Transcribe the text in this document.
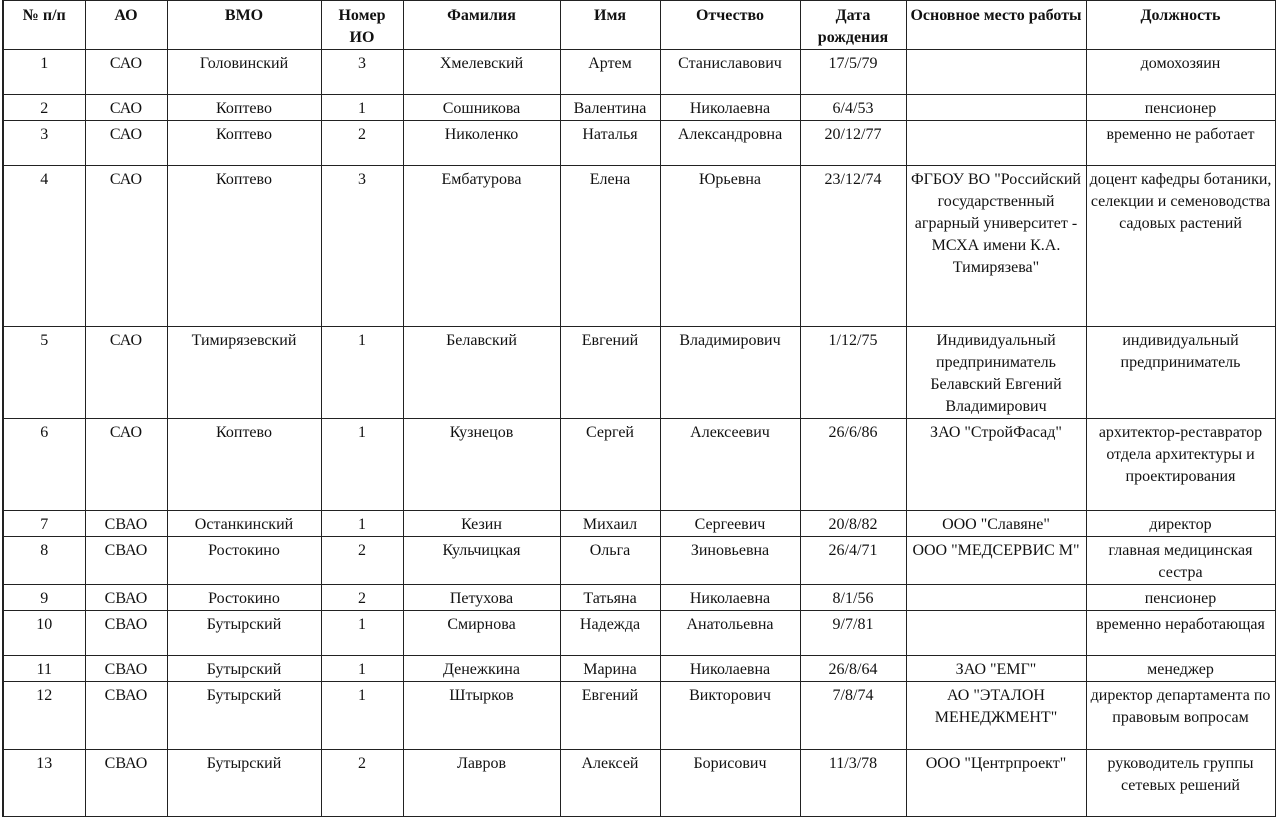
№ п/п	АО	ВМО	Номер ИО	Фамилия	Имя	Отчество	Дата рождения	Основное место работы	Должность
1	САО	Головинский	3	Хмелевский	Артем	Станиславович	17/5/79		домохозяин
2	САО	Коптево	1	Сошникова	Валентина	Николаевна	6/4/53		пенсионер
3	САО	Коптево	2	Николенко	Наталья	Александровна	20/12/77		временно не работает
4	САО	Коптево	3	Ембатурова	Елена	Юрьевна	23/12/74	ФГБОУ ВО "Российский государственный аграрный университет - МСХА имени К.А. Тимирязева"	доцент кафедры ботаники, селекции и семеноводства садовых растений
5	САО	Тимирязевский	1	Белавский	Евгений	Владимирович	1/12/75	Индивидуальный предприниматель Белавский Евгений Владимирович	индивидуальный предприниматель
6	САО	Коптево	1	Кузнецов	Сергей	Алексеевич	26/6/86	ЗАО "СтройФасад"	архитектор-реставратор отдела архитектуры и проектирования
7	СВАО	Останкинский	1	Кезин	Михаил	Сергеевич	20/8/82	ООО "Славяне"	директор
8	СВАО	Ростокино	2	Кульчицкая	Ольга	Зиновьевна	26/4/71	ООО "МЕДСЕРВИС М"	главная медицинская сестра
9	СВАО	Ростокино	2	Петухова	Татьяна	Николаевна	8/1/56		пенсионер
10	СВАО	Бутырский	1	Смирнова	Надежда	Анатольевна	9/7/81		временно неработающая
11	СВАО	Бутырский	1	Денежкина	Марина	Николаевна	26/8/64	ЗАО "ЕМГ"	менеджер
12	СВАО	Бутырский	1	Штырков	Евгений	Викторович	7/8/74	АО "ЭТАЛОН МЕНЕДЖМЕНТ"	директор департамента по правовым вопросам
13	СВАО	Бутырский	2	Лавров	Алексей	Борисович	11/3/78	ООО "Центрпроект"	руководитель группы сетевых решений
